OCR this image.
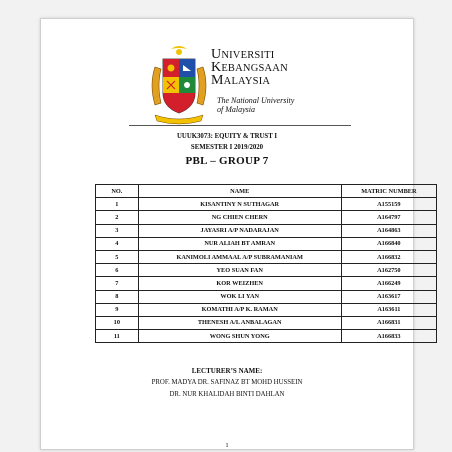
UNIVERSITI
KEBANGSAAN
MALAYSIA
The National University
of Malaysia
UUUK3073: EQUITY & TRUST I
SEMESTER I 2019/2020
PBL – GROUP 7
NO.	NAME	MATRIC NUMBER
1	KISANTINY N SUTHAGAR	A155159
2	NG CHIEN CHERN	A164797
3	JAYASRI A/P NADARAJAN	A164863
4	NUR ALIAH BT AMRAN	A166840
5	KANIMOLI AMMAAL A/P SUBRAMANIAM	A166832
6	YEO SUAN FAN	A162750
7	KOR WEIZHEN	A166249
8	WOK LI YAN	A163617
9	KOMATHI A/P K. RAMAN	A163611
10	THENESH A/L ANBALAGAN	A166831
11	WONG SHUN YONG	A166833
LECTURER’S NAME:
PROF. MADYA DR. SAFINAZ BT MOHD HUSSEIN
DR. NUR KHALIDAH BINTI DAHLAN
1
